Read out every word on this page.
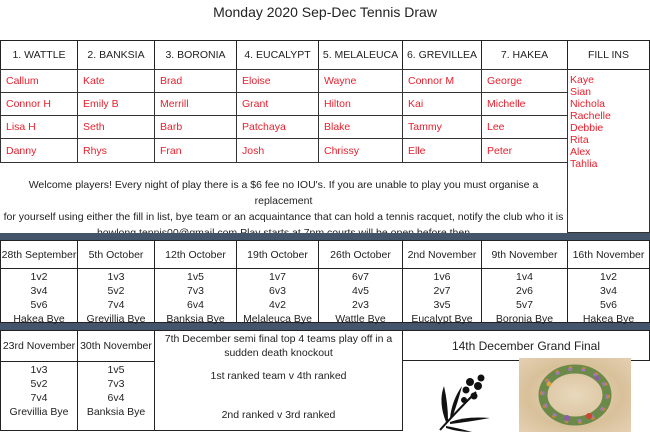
Monday 2020 Sep-Dec Tennis Draw
1. WATTLE
Callum
Connor H
Lisa H
Danny
2. BANKSIA
Kate
Emily B
Seth
Rhys
3. BORONIA
Brad
Merrill
Barb
Fran
4. EUCALYPT
Eloise
Grant
Patchaya
Josh
5. MELALEUCA
Wayne
Hilton
Blake
Chrissy
6. GREVILLEA
Connor M
Kai
Tammy
Elle
7. HAKEA
George
Michelle
Lee
Peter
FILL INS
Kaye
Sian
Nichola
Rachelle
Debbie
Rita
Alex
Tahlia
Welcome players! Every night of play there is a $6 fee no IOU's. If you are unable to play you must organise a replacement
for yourself using either the fill in list, bye team or an acquaintance that can hold a tennis racquet, notify the club who it is
28th September
1v2
3v4
5v6
Hakea Bye
5th October
1v3
5v2
7v4
Grevillia Bye
12th October
1v5
7v3
6v4
Banksia Bye
19th October
1v7
6v3
4v2
Melaleuca Bye
26th October
6v7
4v5
2v3
Wattle Bye
2nd November
1v6
2v7
3v5
Eucalypt Bye
9th November
1v4
2v6
5v7
Boronia Bye
16th November
1v2
3v4
5v6
Hakea Bye
23rd November
1v3
5v2
7v4
Grevillia Bye
30th November
1v5
7v3
6v4
Banksia Bye
7th December semi final top 4 teams play off in a
sudden death knockout
1st ranked team v 4th ranked
2nd ranked v 3rd ranked
14th December Grand Final
